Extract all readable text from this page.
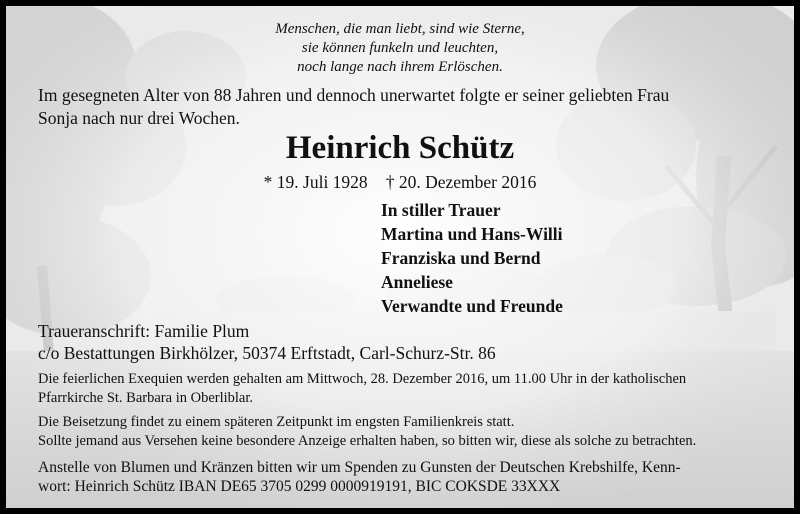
Menschen, die man liebt, sind wie Sterne,
sie können funkeln und leuchten,
noch lange nach ihrem Erlöschen.
Im gesegneten Alter von 88 Jahren und dennoch unerwartet folgte er seiner geliebten Frau
Sonja nach nur drei Wochen.
Heinrich Schütz
* 19. Juli 1928 † 20. Dezember 2016
In stiller Trauer
Martina und Hans-Willi
Franziska und Bernd
Anneliese
Verwandte und Freunde
Traueranschrift: Familie Plum
c/o Bestattungen Birkhölzer, 50374 Erftstadt, Carl-Schurz-Str. 86
Die feierlichen Exequien werden gehalten am Mittwoch, 28. Dezember 2016, um 11.00 Uhr in der katholischen
Pfarrkirche St. Barbara in Oberliblar.
Die Beisetzung findet zu einem späteren Zeitpunkt im engsten Familienkreis statt.
Sollte jemand aus Versehen keine besondere Anzeige erhalten haben, so bitten wir, diese als solche zu betrachten.
Anstelle von Blumen und Kränzen bitten wir um Spenden zu Gunsten der Deutschen Krebshilfe, Kenn-
wort: Heinrich Schütz IBAN DE65 3705 0299 0000919191, BIC COKSDE 33XXX
